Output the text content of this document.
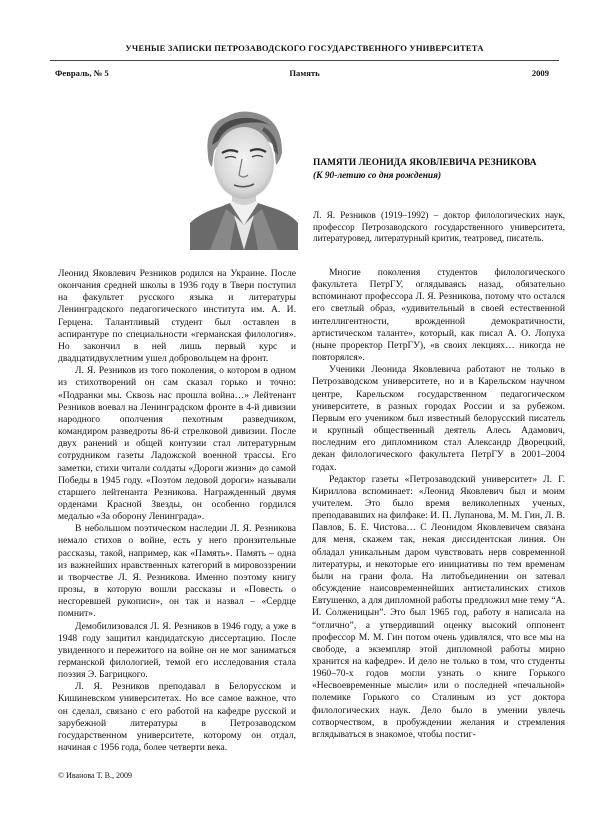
УЧЕНЫЕ ЗАПИСКИ ПЕТРОЗАВОДСКОГО ГОСУДАРСТВЕННОГО УНИВЕРСИТЕТА
Февраль, № 5	Память	2009
ПАМЯТИ ЛЕОНИДА ЯКОВЛЕВИЧА РЕЗНИКОВА
(К 90-летию со дня рождения)
Л. Я. Резников (1919–1992) – доктор филологических наук, профессор Петрозаводского государственного университета, литературовед, литературный критик, театровед, писатель.

Леонид Яковлевич Резников родился на Украине. После окончания средней школы в 1936 году в Твери поступил на факультет русского языка и литературы Ленинградского педагогического института им. А. И. Герцена. Талантливый студент был оставлен в аспирантуре по специальности «германская филология». Но закончил в ней лишь первый курс и двадцатидвухлетним ушел добровольцем на фронт.

Л. Я. Резников из того поколения, о котором в одном из стихотворений он сам сказал горько и точно: «Подранки мы. Сквозь нас прошла война…» Лейтенант Резников воевал на Ленинградском фронте в 4-й дивизии народного ополчения пехотным разведчиком, командиром разведроты 86-й стрелковой дивизии. После двух ранений и общей контузии стал литературным сотрудником газеты Ладожской военной трассы. Его заметки, стихи читали солдаты «Дороги жизни» до самой Победы в 1945 году. «Поэтом ледовой дороги» называли старшего лейтенанта Резникова. Награжденный двумя орденами Красной Звезды, он особенно гордился медалью «За оборону Ленинграда».

В небольшом поэтическом наследии Л. Я. Резникова немало стихов о войне, есть у него пронзительные рассказы, такой, например, как «Память». Память – одна из важнейших нравственных категорий в мировоззрении и творчестве Л. Я. Резникова. Именно поэтому книгу прозы, в которую вошли рассказы и «Повесть о несгоревшей рукописи», он так и назвал – «Сердце помнит».

Демобилизовался Л. Я. Резников в 1946 году, а уже в 1948 году защитил кандидатскую диссертацию. После увиденного и пережитого на войне он не мог заниматься германской филологией, темой его исследования стала поэзия Э. Багрицкого.

Л. Я. Резников преподавал в Белорусском и Кишиневском университетах. Но все самое важное, что он сделал, связано с его работой на кафедре русской и зарубежной литературы в Петрозаводском государственном университете, которому он отдал, начиная с 1956 года, более четверти века.

Многие поколения студентов филологического факультета ПетрГУ, оглядываясь назад, обязательно вспоминают профессора Л. Я. Резникова, потому что остался его светлый образ, «удивительный в своей естественной интеллигентности, врожденной демократичности, артистическом таланте», который, как писал А. О. Лопуха (ныне проректор ПетрГУ), «в своих лекциях… никогда не повторялся».

Ученики Леонида Яковлевича работают не только в Петрозаводском университете, но и в Карельском научном центре, Карельском государственном педагогическом университете, в разных городах России и за рубежом. Первым его учеником был известный белорусский писатель и крупный общественный деятель Алесь Адамович, последним его дипломником стал Александр Дворецкий, декан филологического факультета ПетрГУ в 2001–2004 годах.

Редактор газеты «Петрозаводский университет» Л. Г. Кириллова вспоминает: «Леонид Яковлевич был и моим учителем. Это было время великолепных ученых, преподававших на филфаке: И. П. Лупанова, М. М. Гин, Л. В. Павлов, Б. Е. Чистова… С Леонидом Яковлевичем связана для меня, скажем так, некая диссидентская линия. Он обладал уникальным даром чувствовать нерв современной литературы, и некоторые его инициативы по тем временам были на грани фола. На литобъединении он затевал обсуждение наисовременнейших антисталинских стихов Евтушенко, а для дипломной работы предложил мне тему “А. И. Солженицын”. Это был 1965 год, работу я написала на “отлично”, а утвердивший оценку высокий оппонент профессор М. М. Гин потом очень удивлялся, что все мы на свободе, а экземпляр этой дипломной работы мирно хранится на кафедре». И дело не только в том, что студенты 1960–70-х годов могли узнать о книге Горького «Несвоевременные мысли» или о последней «печальной» полемике Горького со Сталиным из уст доктора филологических наук. Дело было в умении увлечь сотворчеством, в пробуждении желания и стремления вглядываться в знакомое, чтобы постиг-

© Иванова Т. В., 2009
